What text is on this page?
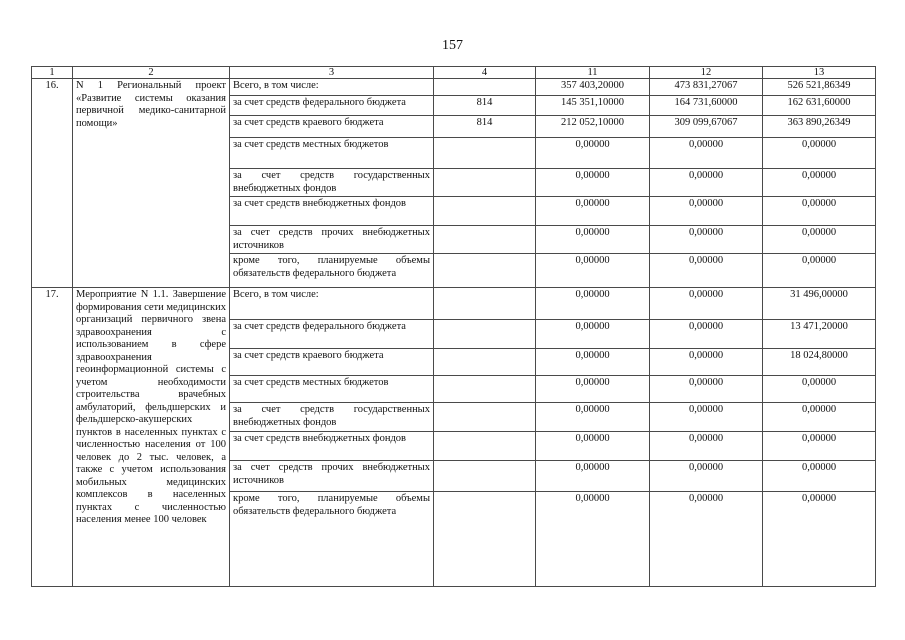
157
1	2	3	4	11	12	13
16.	N 1 Региональный проект «Развитие системы оказания первичной медико-санитарной помощи»	Всего, в том числе:		357 403,20000	473 831,27067	526 521,86349
		за счет средств федерального бюджета	814	145 351,10000	164 731,60000	162 631,60000
		за счет средств краевого бюджета	814	212 052,10000	309 099,67067	363 890,26349
		за счет средств местных бюджетов		0,00000	0,00000	0,00000
		за счет средств государственных внебюджетных фондов		0,00000	0,00000	0,00000
		за счет средств внебюджетных фондов		0,00000	0,00000	0,00000
		за счет средств прочих внебюджетных источников		0,00000	0,00000	0,00000
		кроме того, планируемые объемы обязательств федерального бюджета		0,00000	0,00000	0,00000
17.	Мероприятие N 1.1. Завершение формирования сети медицинских организаций первичного звена здравоохранения с использованием в сфере здравоохранения геоинформационной системы с учетом необходимости строительства врачебных амбулаторий, фельдшерских и фельдшерско-акушерских пунктов в населенных пунктах с численностью населения от 100 человек до 2 тыс. человек, а также с учетом использования мобильных медицинских комплексов в населенных пунктах с численностью населения менее 100 человек	Всего, в том числе:		0,00000	0,00000	31 496,00000
		за счет средств федерального бюджета		0,00000	0,00000	13 471,20000
		за счет средств краевого бюджета		0,00000	0,00000	18 024,80000
		за счет средств местных бюджетов		0,00000	0,00000	0,00000
		за счет средств государственных внебюджетных фондов		0,00000	0,00000	0,00000
		за счет средств внебюджетных фондов		0,00000	0,00000	0,00000
		за счет средств прочих внебюджетных источников		0,00000	0,00000	0,00000
		кроме того, планируемые объемы обязательств федерального бюджета		0,00000	0,00000	0,00000
